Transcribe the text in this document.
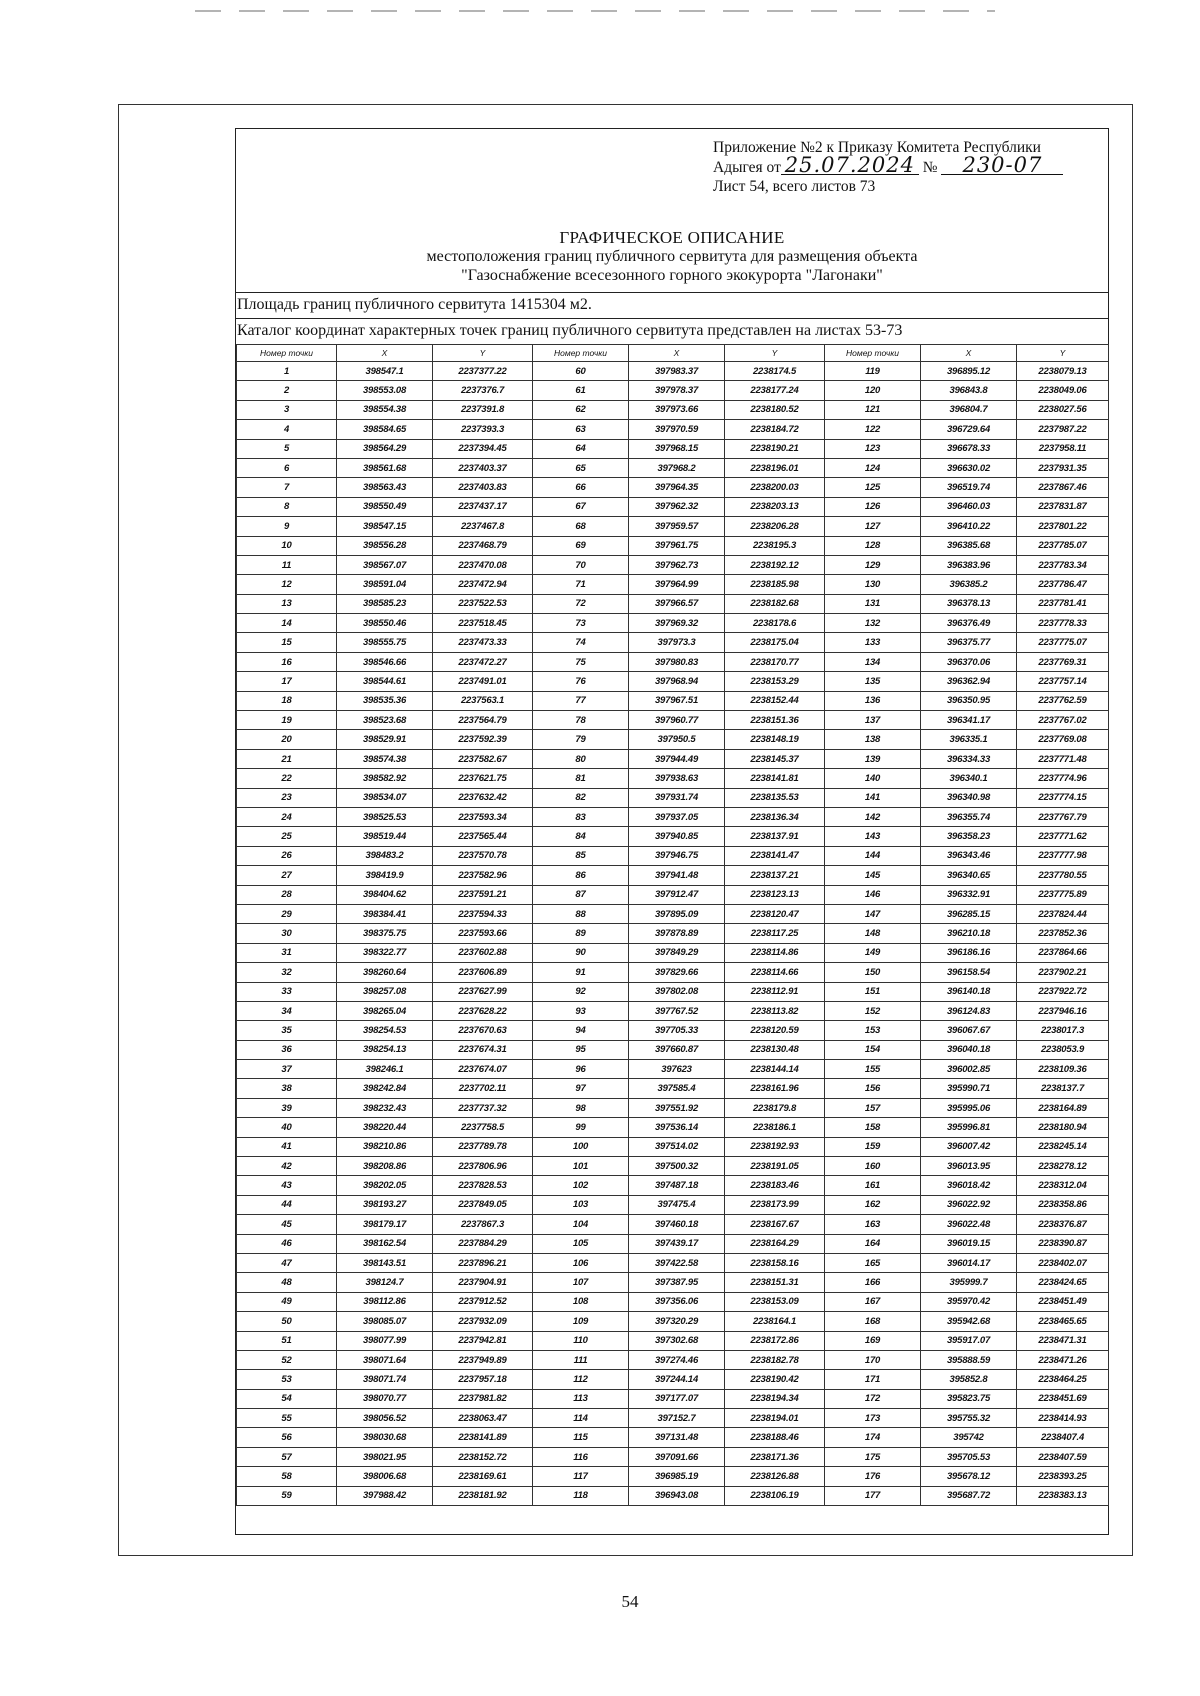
Приложение №2 к Приказу Комитета Республики
Адыгея от 25.07.2024 № 230-07
Лист 54, всего листов 73
ГРАФИЧЕСКОЕ ОПИСАНИЕ
местоположения границ публичного сервитута для размещения объекта
"Газоснабжение всесезонного горного экокурорта "Лагонаки"
Площадь границ публичного сервитута 1415304 м2.
Каталог координат характерных точек границ публичного сервитута представлен на листах 53-73
Номер точки	X	Y	Номер точки	X	Y	Номер точки	X	Y
1	398547.1	2237377.22	60	397983.37	2238174.5	119	396895.12	2238079.13
2	398553.08	2237376.7	61	397978.37	2238177.24	120	396843.8	2238049.06
3	398554.38	2237391.8	62	397973.66	2238180.52	121	396804.7	2238027.56
4	398584.65	2237393.3	63	397970.59	2238184.72	122	396729.64	2237987.22
5	398564.29	2237394.45	64	397968.15	2238190.21	123	396678.33	2237958.11
6	398561.68	2237403.37	65	397968.2	2238196.01	124	396630.02	2237931.35
7	398563.43	2237403.83	66	397964.35	2238200.03	125	396519.74	2237867.46
8	398550.49	2237437.17	67	397962.32	2238203.13	126	396460.03	2237831.87
9	398547.15	2237467.8	68	397959.57	2238206.28	127	396410.22	2237801.22
10	398556.28	2237468.79	69	397961.75	2238195.3	128	396385.68	2237785.07
11	398567.07	2237470.08	70	397962.73	2238192.12	129	396383.96	2237783.34
12	398591.04	2237472.94	71	397964.99	2238185.98	130	396385.2	2237786.47
13	398585.23	2237522.53	72	397966.57	2238182.68	131	396378.13	2237781.41
14	398550.46	2237518.45	73	397969.32	2238178.6	132	396376.49	2237778.33
15	398555.75	2237473.33	74	397973.3	2238175.04	133	396375.77	2237775.07
16	398546.66	2237472.27	75	397980.83	2238170.77	134	396370.06	2237769.31
17	398544.61	2237491.01	76	397968.94	2238153.29	135	396362.94	2237757.14
18	398535.36	2237563.1	77	397967.51	2238152.44	136	396350.95	2237762.59
19	398523.68	2237564.79	78	397960.77	2238151.36	137	396341.17	2237767.02
20	398529.91	2237592.39	79	397950.5	2238148.19	138	396335.1	2237769.08
21	398574.38	2237582.67	80	397944.49	2238145.37	139	396334.33	2237771.48
22	398582.92	2237621.75	81	397938.63	2238141.81	140	396340.1	2237774.96
23	398534.07	2237632.42	82	397931.74	2238135.53	141	396340.98	2237774.15
24	398525.53	2237593.34	83	397937.05	2238136.34	142	396355.74	2237767.79
25	398519.44	2237565.44	84	397940.85	2238137.91	143	396358.23	2237771.62
26	398483.2	2237570.78	85	397946.75	2238141.47	144	396343.46	2237777.98
27	398419.9	2237582.96	86	397941.48	2238137.21	145	396340.65	2237780.55
28	398404.62	2237591.21	87	397912.47	2238123.13	146	396332.91	2237775.89
29	398384.41	2237594.33	88	397895.09	2238120.47	147	396285.15	2237824.44
30	398375.75	2237593.66	89	397878.89	2238117.25	148	396210.18	2237852.36
31	398322.77	2237602.88	90	397849.29	2238114.86	149	396186.16	2237864.66
32	398260.64	2237606.89	91	397829.66	2238114.66	150	396158.54	2237902.21
33	398257.08	2237627.99	92	397802.08	2238112.91	151	396140.18	2237922.72
34	398265.04	2237628.22	93	397767.52	2238113.82	152	396124.83	2237946.16
35	398254.53	2237670.63	94	397705.33	2238120.59	153	396067.67	2238017.3
36	398254.13	2237674.31	95	397660.87	2238130.48	154	396040.18	2238053.9
37	398246.1	2237674.07	96	397623	2238144.14	155	396002.85	2238109.36
38	398242.84	2237702.11	97	397585.4	2238161.96	156	395990.71	2238137.7
39	398232.43	2237737.32	98	397551.92	2238179.8	157	395995.06	2238164.89
40	398220.44	2237758.5	99	397536.14	2238186.1	158	395996.81	2238180.94
41	398210.86	2237789.78	100	397514.02	2238192.93	159	396007.42	2238245.14
42	398208.86	2237806.96	101	397500.32	2238191.05	160	396013.95	2238278.12
43	398202.05	2237828.53	102	397487.18	2238183.46	161	396018.42	2238312.04
44	398193.27	2237849.05	103	397475.4	2238173.99	162	396022.92	2238358.86
45	398179.17	2237867.3	104	397460.18	2238167.67	163	396022.48	2238376.87
46	398162.54	2237884.29	105	397439.17	2238164.29	164	396019.15	2238390.87
47	398143.51	2237896.21	106	397422.58	2238158.16	165	396014.17	2238402.07
48	398124.7	2237904.91	107	397387.95	2238151.31	166	395999.7	2238424.65
49	398112.86	2237912.52	108	397356.06	2238153.09	167	395970.42	2238451.49
50	398085.07	2237932.09	109	397320.29	2238164.1	168	395942.68	2238465.65
51	398077.99	2237942.81	110	397302.68	2238172.86	169	395917.07	2238471.31
52	398071.64	2237949.89	111	397274.46	2238182.78	170	395888.59	2238471.26
53	398071.74	2237957.18	112	397244.14	2238190.42	171	395852.8	2238464.25
54	398070.77	2237981.82	113	397177.07	2238194.34	172	395823.75	2238451.69
55	398056.52	2238063.47	114	397152.7	2238194.01	173	395755.32	2238414.93
56	398030.68	2238141.89	115	397131.48	2238188.46	174	395742	2238407.4
57	398021.95	2238152.72	116	397091.66	2238171.36	175	395705.53	2238407.59
58	398006.68	2238169.61	117	396985.19	2238126.88	176	395678.12	2238393.25
59	397988.42	2238181.92	118	396943.08	2238106.19	177	395687.72	2238383.13
54
